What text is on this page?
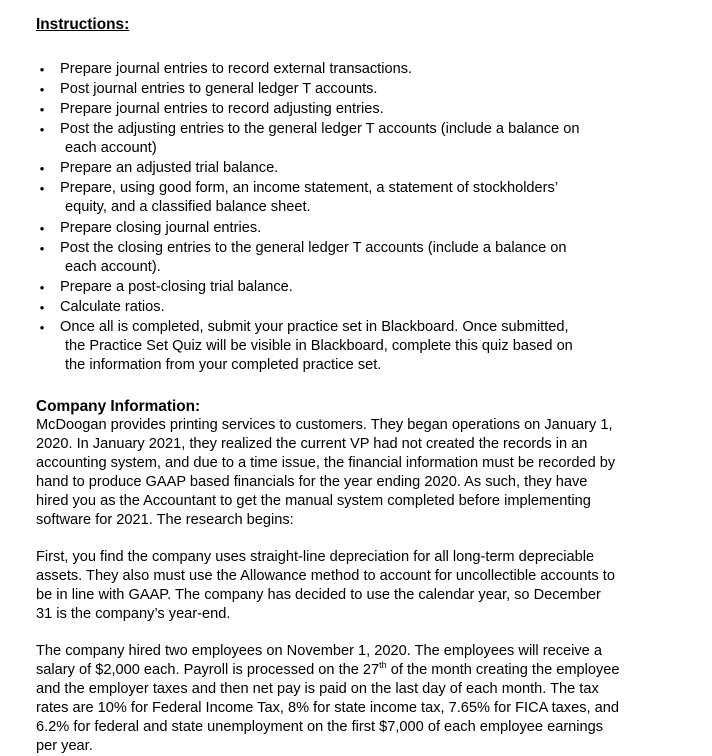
Instructions:
• Prepare journal entries to record external transactions.
• Post journal entries to general ledger T accounts.
• Prepare journal entries to record adjusting entries.
• Post the adjusting entries to the general ledger T accounts (include a balance on
each account)
• Prepare an adjusted trial balance.
• Prepare, using good form, an income statement, a statement of stockholders’
equity, and a classified balance sheet.
• Prepare closing journal entries.
• Post the closing entries to the general ledger T accounts (include a balance on
each account).
• Prepare a post-closing trial balance.
• Calculate ratios.
• Once all is completed, submit your practice set in Blackboard. Once submitted,
the Practice Set Quiz will be visible in Blackboard, complete this quiz based on
the information from your completed practice set.
Company Information:

McDoogan provides printing services to customers. They began operations on January 1, 2020. In January 2021, they realized the current VP had not created the records in an accounting system, and due to a time issue, the financial information must be recorded by hand to produce GAAP based financials for the year ending 2020. As such, they have hired you as the Accountant to get the manual system completed before implementing software for 2021. The research begins:

First, you find the company uses straight-line depreciation for all long-term depreciable assets. They also must use the Allowance method to account for uncollectible accounts to be in line with GAAP. The company has decided to use the calendar year, so December 31 is the company’s year-end.

The company hired two employees on November 1, 2020. The employees will receive a salary of $2,000 each. Payroll is processed on the 27th of the month creating the employee and the employer taxes and then net pay is paid on the last day of each month. The tax rates are 10% for Federal Income Tax, 8% for state income tax, 7.65% for FICA taxes, and 6.2% for federal and state unemployment on the first $7,000 of each employee earnings per year.
